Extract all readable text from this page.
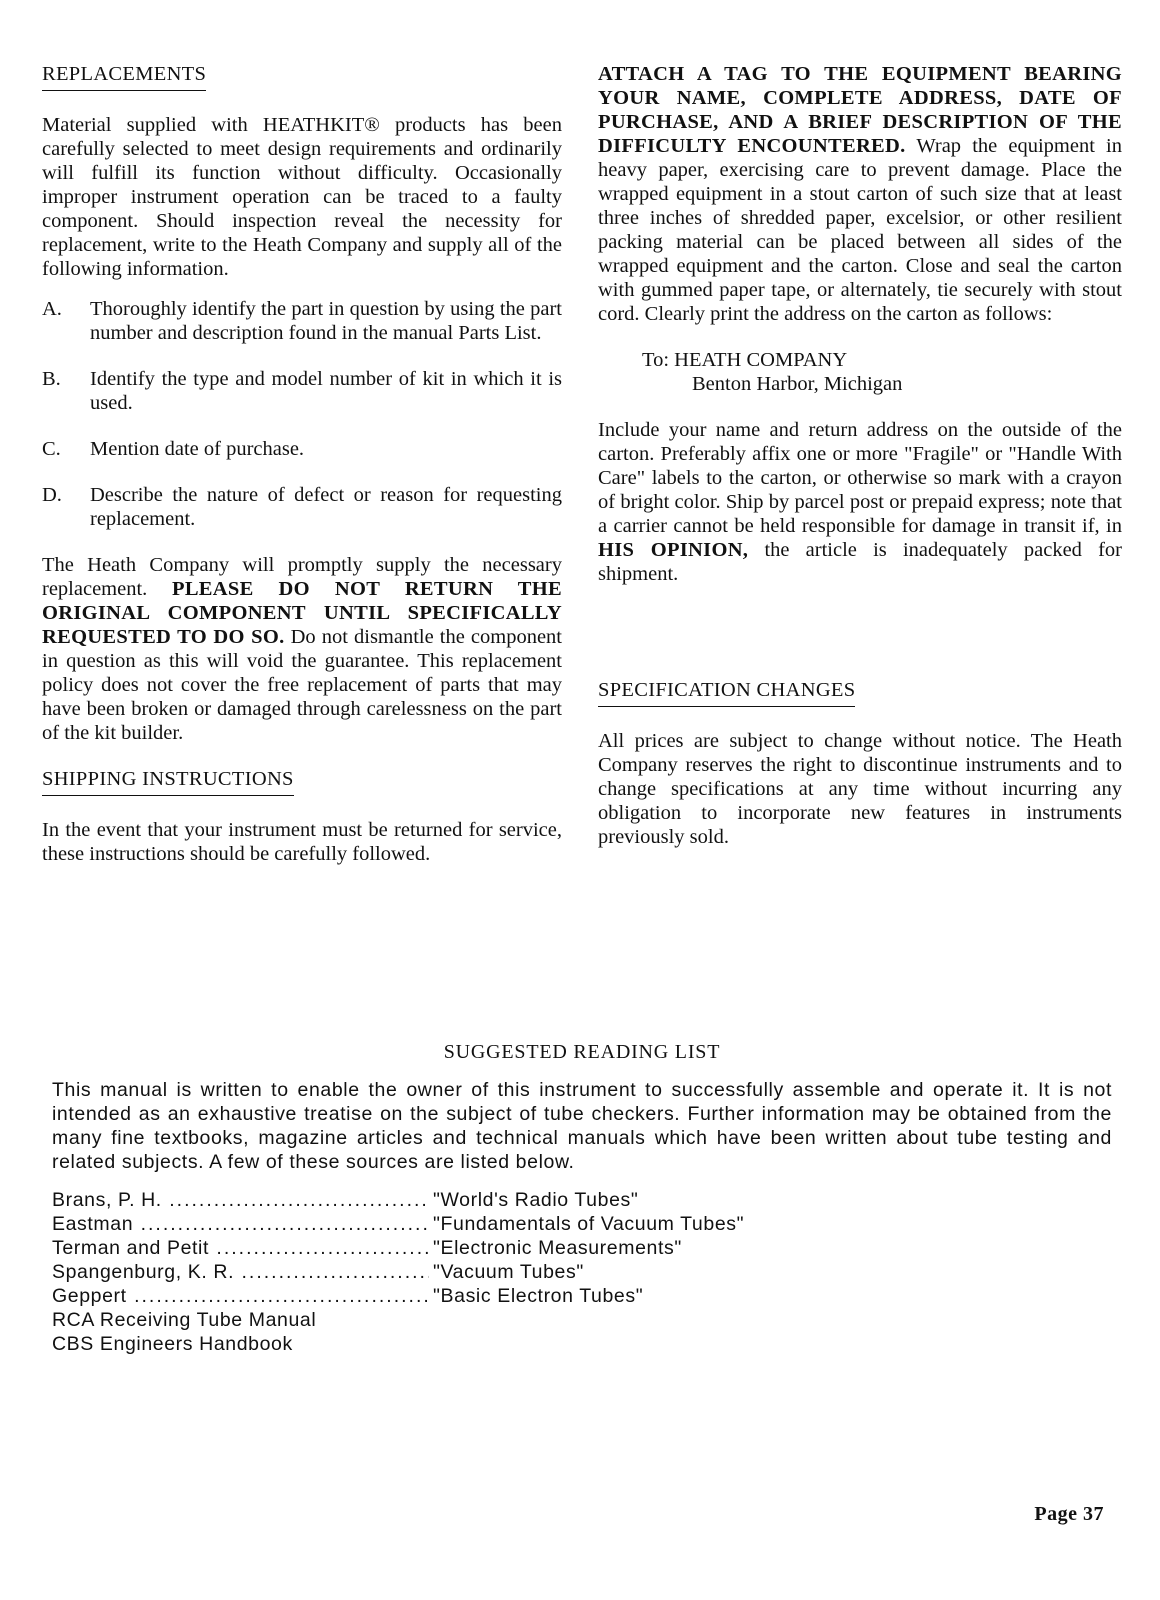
REPLACEMENTS

Material supplied with HEATHKIT® products has been carefully selected to meet design requirements and ordinarily will fulfill its function without difficulty. Occasionally improper instrument operation can be traced to a faulty component. Should inspection reveal the necessity for replacement, write to the Heath Company and supply all of the following information.

A.	Thoroughly identify the part in question by using the part number and description found in the manual Parts List.
B.	Identify the type and model number of kit in which it is used.
C.	Mention date of purchase.
D.	Describe the nature of defect or reason for requesting replacement.

The Heath Company will promptly supply the necessary replacement. PLEASE DO NOT RETURN THE ORIGINAL COMPONENT UNTIL SPECIFICALLY REQUESTED TO DO SO. Do not dismantle the component in question as this will void the guarantee. This replacement policy does not cover the free replacement of parts that may have been broken or damaged through carelessness on the part of the kit builder.

SHIPPING INSTRUCTIONS

In the event that your instrument must be returned for service, these instructions should be carefully followed.

ATTACH A TAG TO THE EQUIPMENT BEARING YOUR NAME, COMPLETE ADDRESS, DATE OF PURCHASE, AND A BRIEF DESCRIPTION OF THE DIFFICULTY ENCOUNTERED. Wrap the equipment in heavy paper, exercising care to prevent damage. Place the wrapped equipment in a stout carton of such size that at least three inches of shredded paper, excelsior, or other resilient packing material can be placed between all sides of the wrapped equipment and the carton. Close and seal the carton with gummed paper tape, or alternately, tie securely with stout cord. Clearly print the address on the carton as follows:

To: HEATH COMPANY
Benton Harbor, Michigan

Include your name and return address on the outside of the carton. Preferably affix one or more "Fragile" or "Handle With Care" labels to the carton, or otherwise so mark with a crayon of bright color. Ship by parcel post or prepaid express; note that a carrier cannot be held responsible for damage in transit if, in HIS OPINION, the article is inadequately packed for shipment.

SPECIFICATION CHANGES

All prices are subject to change without notice. The Heath Company reserves the right to discontinue instruments and to change specifications at any time without incurring any obligation to incorporate new features in instruments previously sold.

SUGGESTED READING LIST

This manual is written to enable the owner of this instrument to successfully assemble and operate it. It is not intended as an exhaustive treatise on the subject of tube checkers. Further information may be obtained from the many fine textbooks, magazine articles and technical manuals which have been written about tube testing and related subjects. A few of these sources are listed below.

Brans, P. H. .....	"World's Radio Tubes"
Eastman .....	"Fundamentals of Vacuum Tubes"
Terman and Petit .....	"Electronic Measurements"
Spangenburg, K. R. .....	"Vacuum Tubes"
Geppert .....	"Basic Electron Tubes"
RCA Receiving Tube Manual
CBS Engineers Handbook
Page 37
